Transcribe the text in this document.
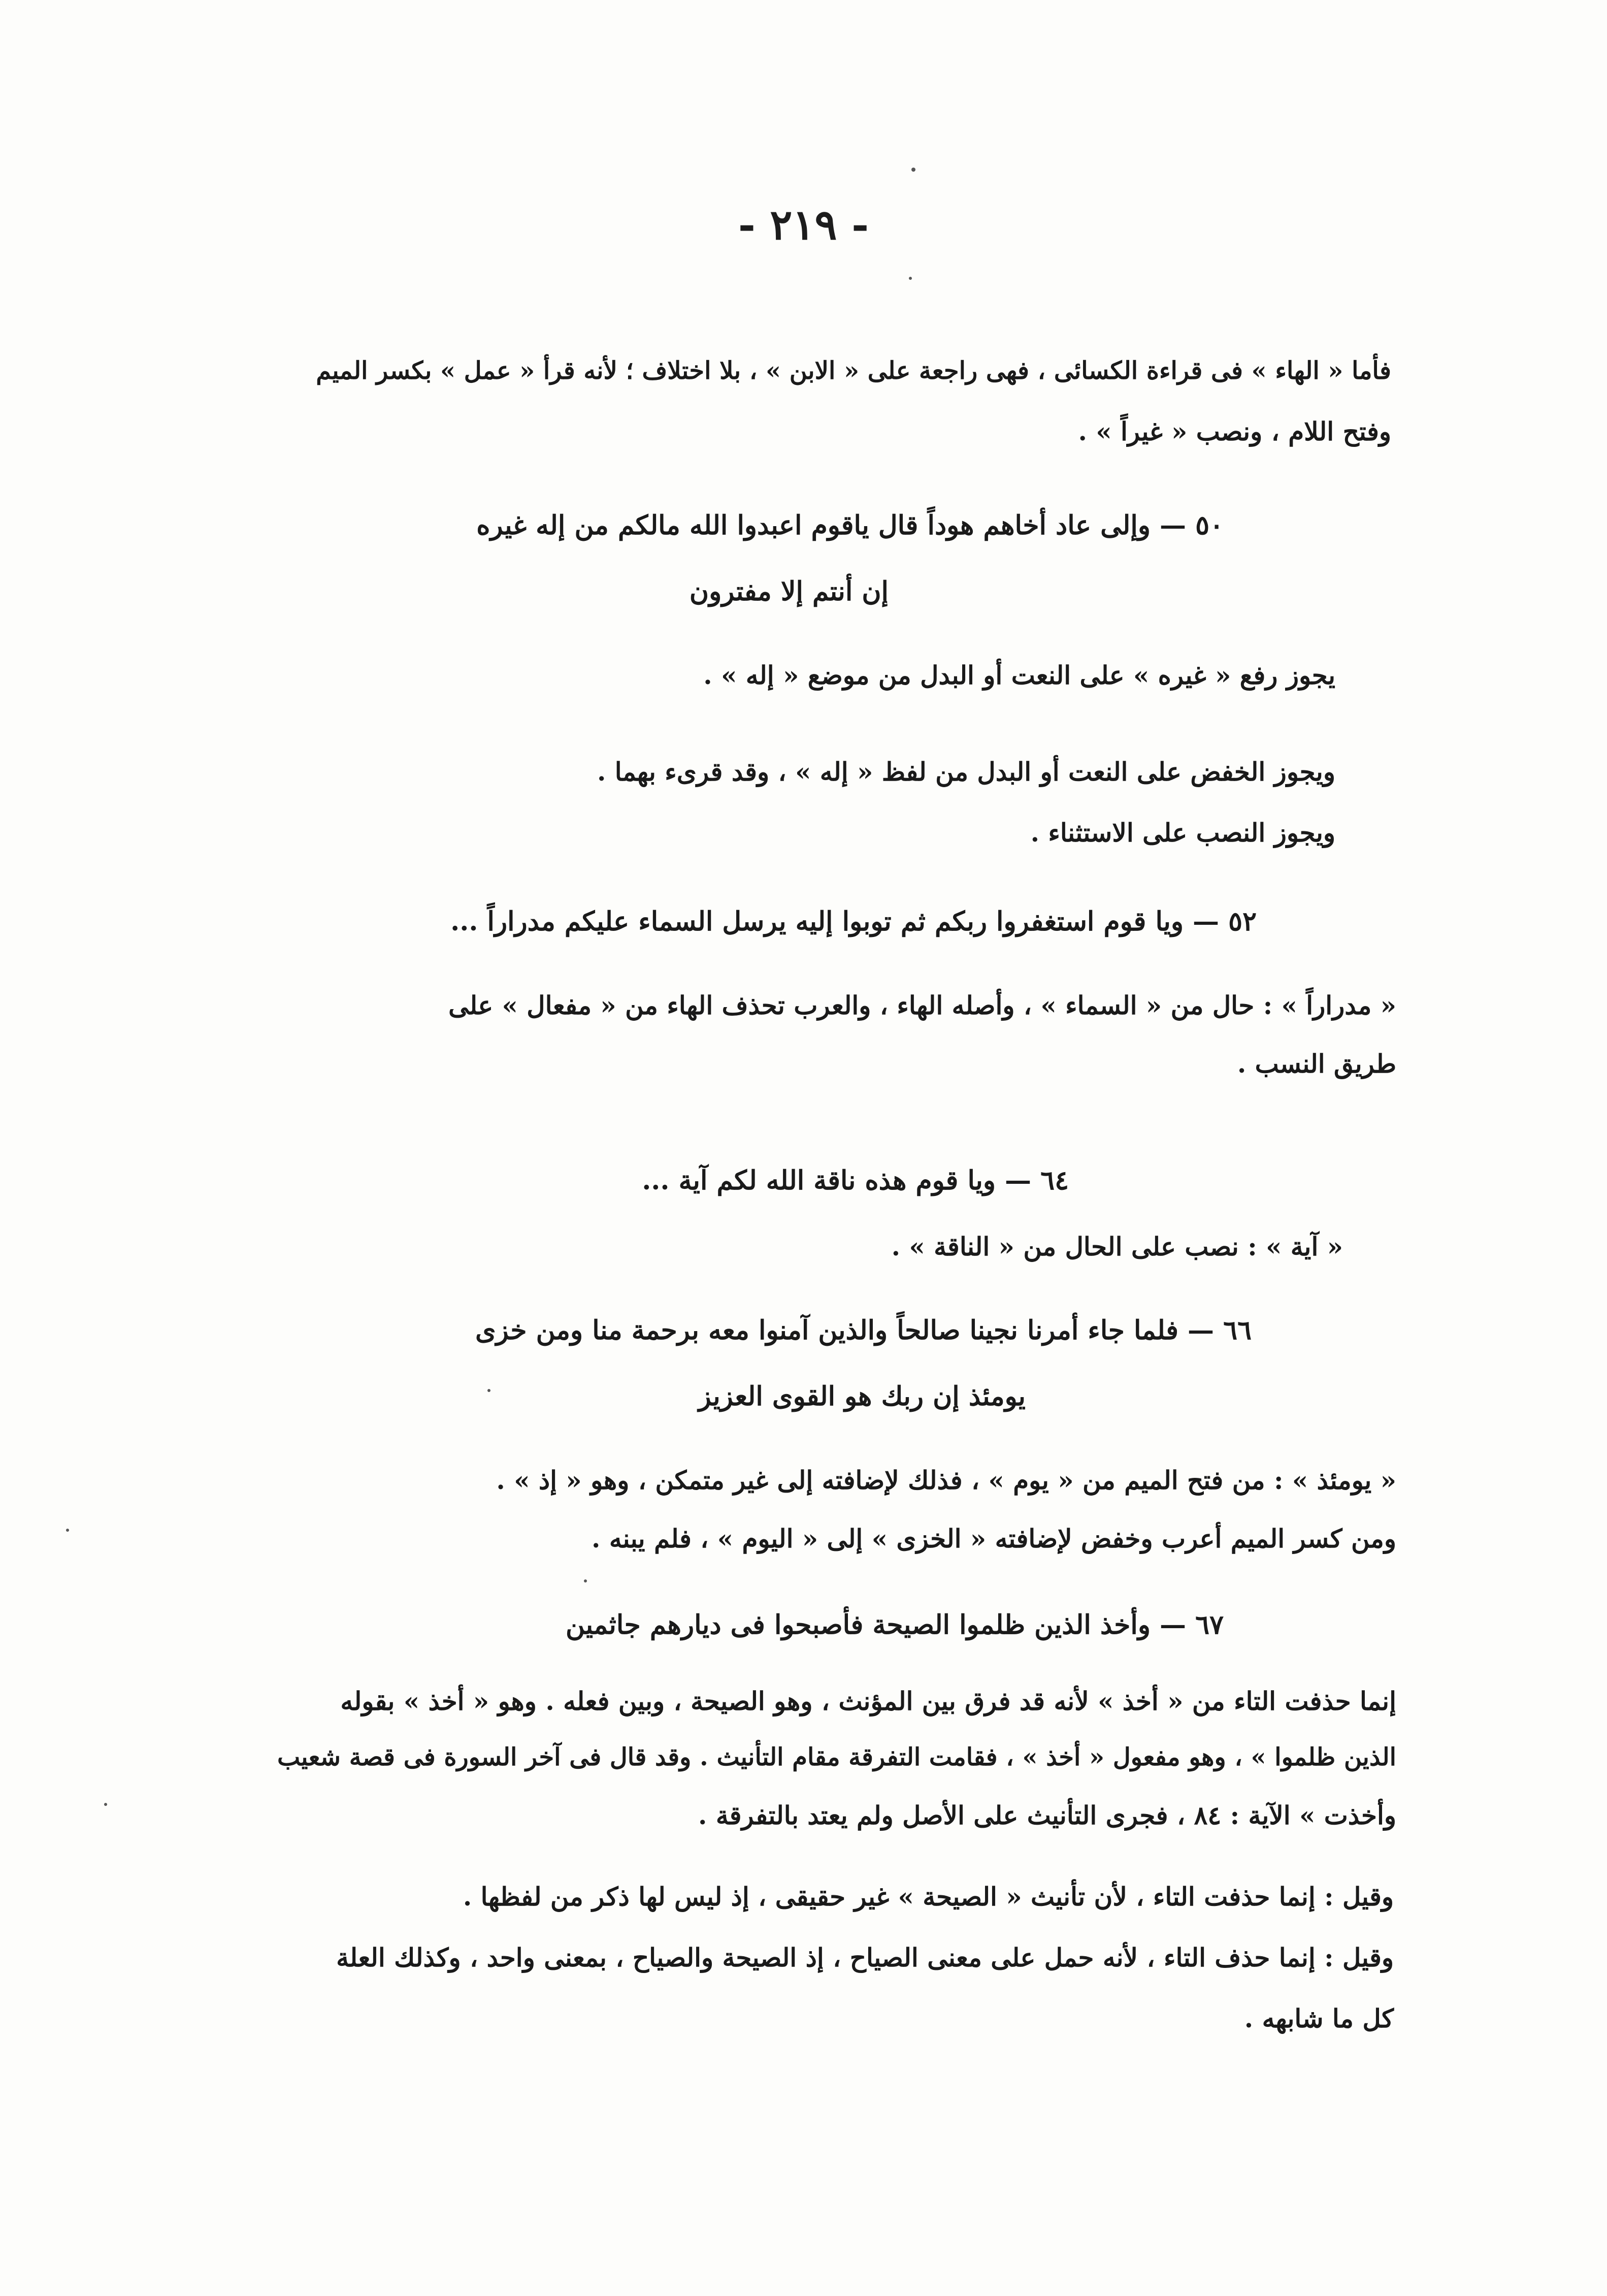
- ٢١٩ -
فأما « الهاء » فى قراءة الكسائى ، فهى راجعة على « الابن » ، بلا اختلاف ؛ لأنه قرأ « عمل » بكسر الميم
وفتح اللام ، ونصب « غيراً » .
٥٠ — وإلى عاد أخاهم هوداً قال ياقوم اعبدوا الله مالكم من إله غيره
إن أنتم إلا مفترون
يجوز رفع « غيره » على النعت أو البدل من موضع « إله » .
ويجوز الخفض على النعت أو البدل من لفظ « إله » ، وقد قرىء بهما .
ويجوز النصب على الاستثناء .
٥٢ — ويا قوم استغفروا ربكم ثم توبوا إليه يرسل السماء عليكم مدراراً ...
« مدراراً » : حال من « السماء » ، وأصله الهاء ، والعرب تحذف الهاء من « مفعال » على
طريق النسب .
٦٤ — ويا قوم هذه ناقة الله لكم آية ...
« آية » : نصب على الحال من « الناقة » .
٦٦ — فلما جاء أمرنا نجينا صالحاً والذين آمنوا معه برحمة منا ومن خزى
يومئذ إن ربك هو القوى العزيز
« يومئذ » : من فتح الميم من « يوم » ، فذلك لإضافته إلى غير متمكن ، وهو « إذ » .
ومن كسر الميم أعرب وخفض لإضافته « الخزى » إلى « اليوم » ، فلم يبنه .
٦٧ — وأخذ الذين ظلموا الصيحة فأصبحوا فى ديارهم جاثمين
إنما حذفت التاء من « أخذ » لأنه قد فرق بين المؤنث ، وهو الصيحة ، وبين فعله . وهو « أخذ » بقوله
الذين ظلموا » ، وهو مفعول « أخذ » ، فقامت التفرقة مقام التأنيث . وقد قال فى آخر السورة فى قصة شعيب
وأخذت » الآية : ٨٤ ، فجرى التأنيث على الأصل ولم يعتد بالتفرقة .
وقيل : إنما حذفت التاء ، لأن تأنيث « الصيحة » غير حقيقى ، إذ ليس لها ذكر من لفظها .
وقيل : إنما حذف التاء ، لأنه حمل على معنى الصياح ، إذ الصيحة والصياح ، بمعنى واحد ، وكذلك العلة
كل ما شابهه .
